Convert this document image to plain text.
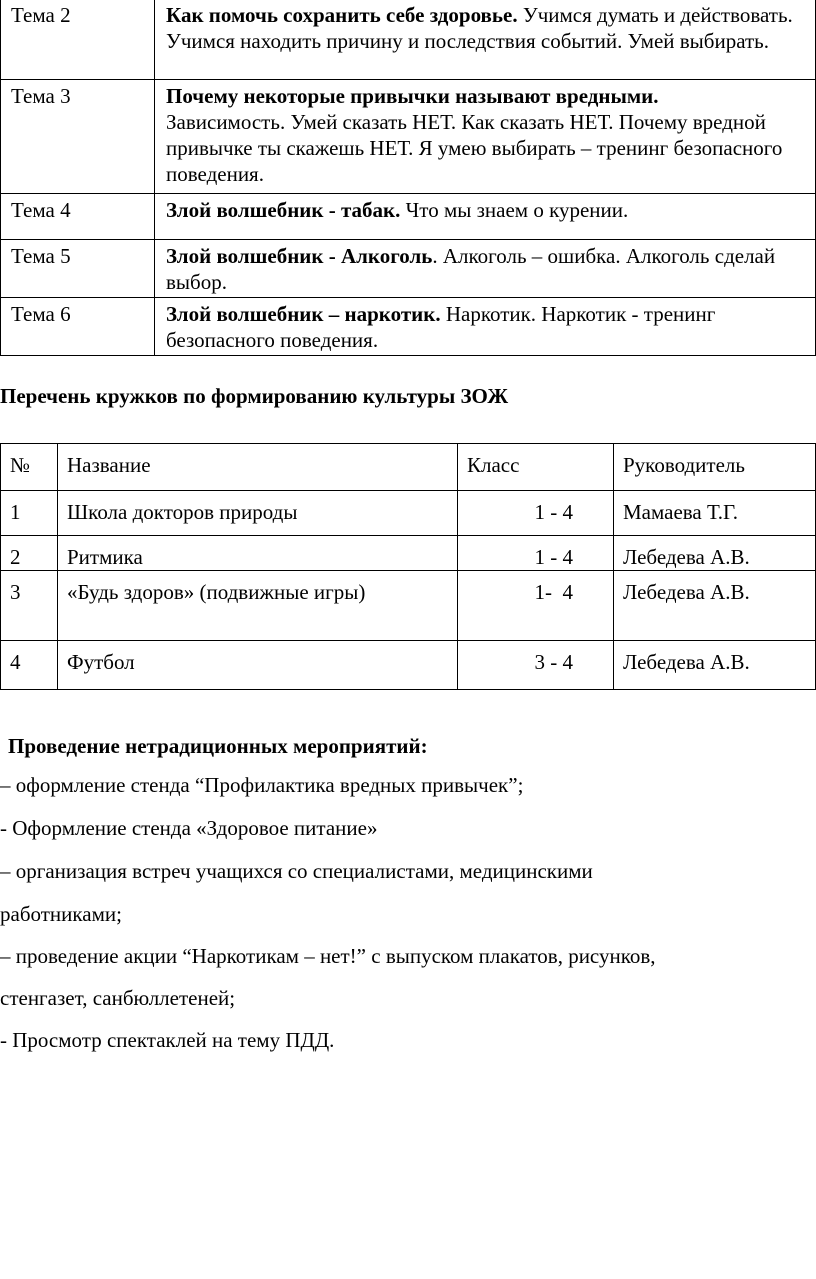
Тема 2	Как помочь сохранить себе здоровье. Учимся думать и действовать. Учимся находить причину и последствия событий. Умей выбирать.
Тема 3	Почему некоторые привычки называют вредными.
Зависимость. Умей сказать НЕТ. Как сказать НЕТ. Почему вредной привычке ты скажешь НЕТ. Я умею выбирать – тренинг безопасного поведения.
Тема 4	Злой волшебник - табак. Что мы знаем о курении.
Тема 5	Злой волшебник - Алкоголь. Алкоголь – ошибка. Алкоголь сделай выбор.
Тема 6	Злой волшебник – наркотик. Наркотик. Наркотик - тренинг безопасного поведения.
Перечень кружков по формированию культуры ЗОЖ
№	Название	Класс	Руководитель
1	Школа докторов природы	1 - 4	Мамаева Т.Г.
2	Ритмика	1 - 4	Лебедева А.В.
3	«Будь здоров» (подвижные игры)	1-  4	Лебедева А.В.
4	Футбол	3 - 4	Лебедева А.В.
Проведение нетрадиционных мероприятий:
– оформление стенда “Профилактика вредных привычек”;
- Оформление стенда «Здоровое питание»
– организация встреч учащихся со специалистами, медицинскими
работниками;
– проведение акции “Наркотикам – нет!” с выпуском плакатов, рисунков,
стенгазет, санбюллетеней;
- Просмотр спектаклей на тему ПДД.
